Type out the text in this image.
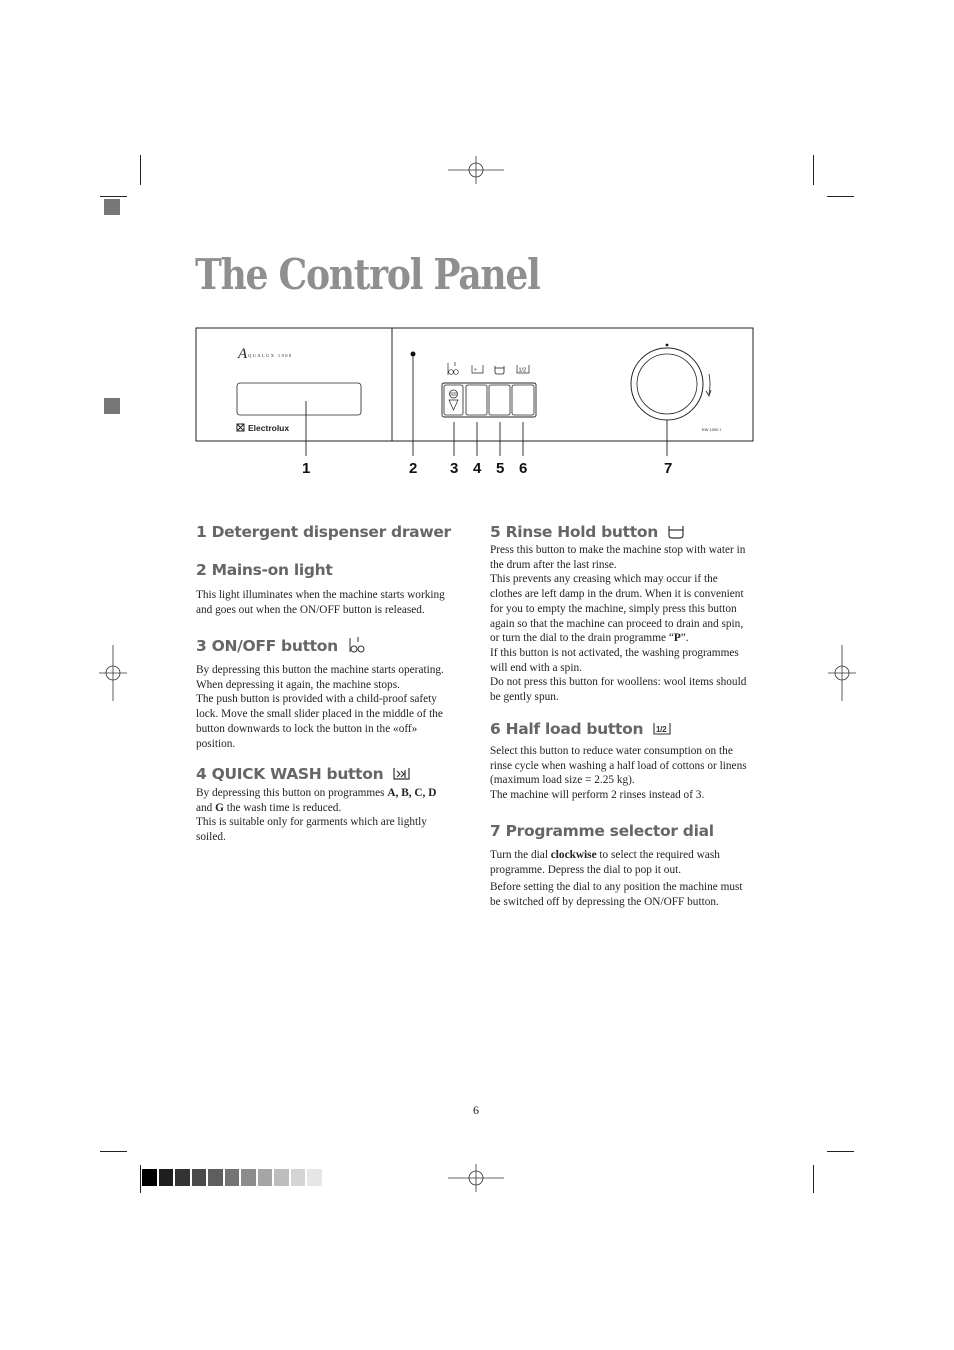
The Control Panel
A QUALUX 1000
Electrolux
»	1/2
EW 1000 I
1	2 3 4 5 6	7
1 Detergent dispenser drawer
2 Mains-on light
This light illuminates when the machine starts working
and goes out when the ON/OFF button is released.
3 ON/OFF button
By depressing this button the machine starts operating.
When depressing it again, the machine stops.
The push button is provided with a child-proof safety
lock. Move the small slider placed in the middle of the
button downwards to lock the button in the «off»
position.
4 QUICK WASH button
By depressing this button on programmes A, B, C, D
and G the wash time is reduced.
This is suitable only for garments which are lightly
soiled.
5 Rinse Hold button
Press this button to make the machine stop with water in
the drum after the last rinse.
This prevents any creasing which may occur if the
clothes are left damp in the drum. When it is convenient
for you to empty the machine, simply press this button
again so that the machine can proceed to drain and spin,
or turn the dial to the drain programme “P”.
If this button is not activated, the washing programmes
will end with a spin.
Do not press this button for woollens: wool items should
be gently spun.
6 Half load button 1/2
Select this button to reduce water consumption on the
rinse cycle when washing a half load of cottons or linens
(maximum load size = 2.25 kg).
The machine will perform 2 rinses instead of 3.
7 Programme selector dial
Turn the dial clockwise to select the required wash
programme. Depress the dial to pop it out.
Before setting the dial to any position the machine must
be switched off by depressing the ON/OFF button.
6
